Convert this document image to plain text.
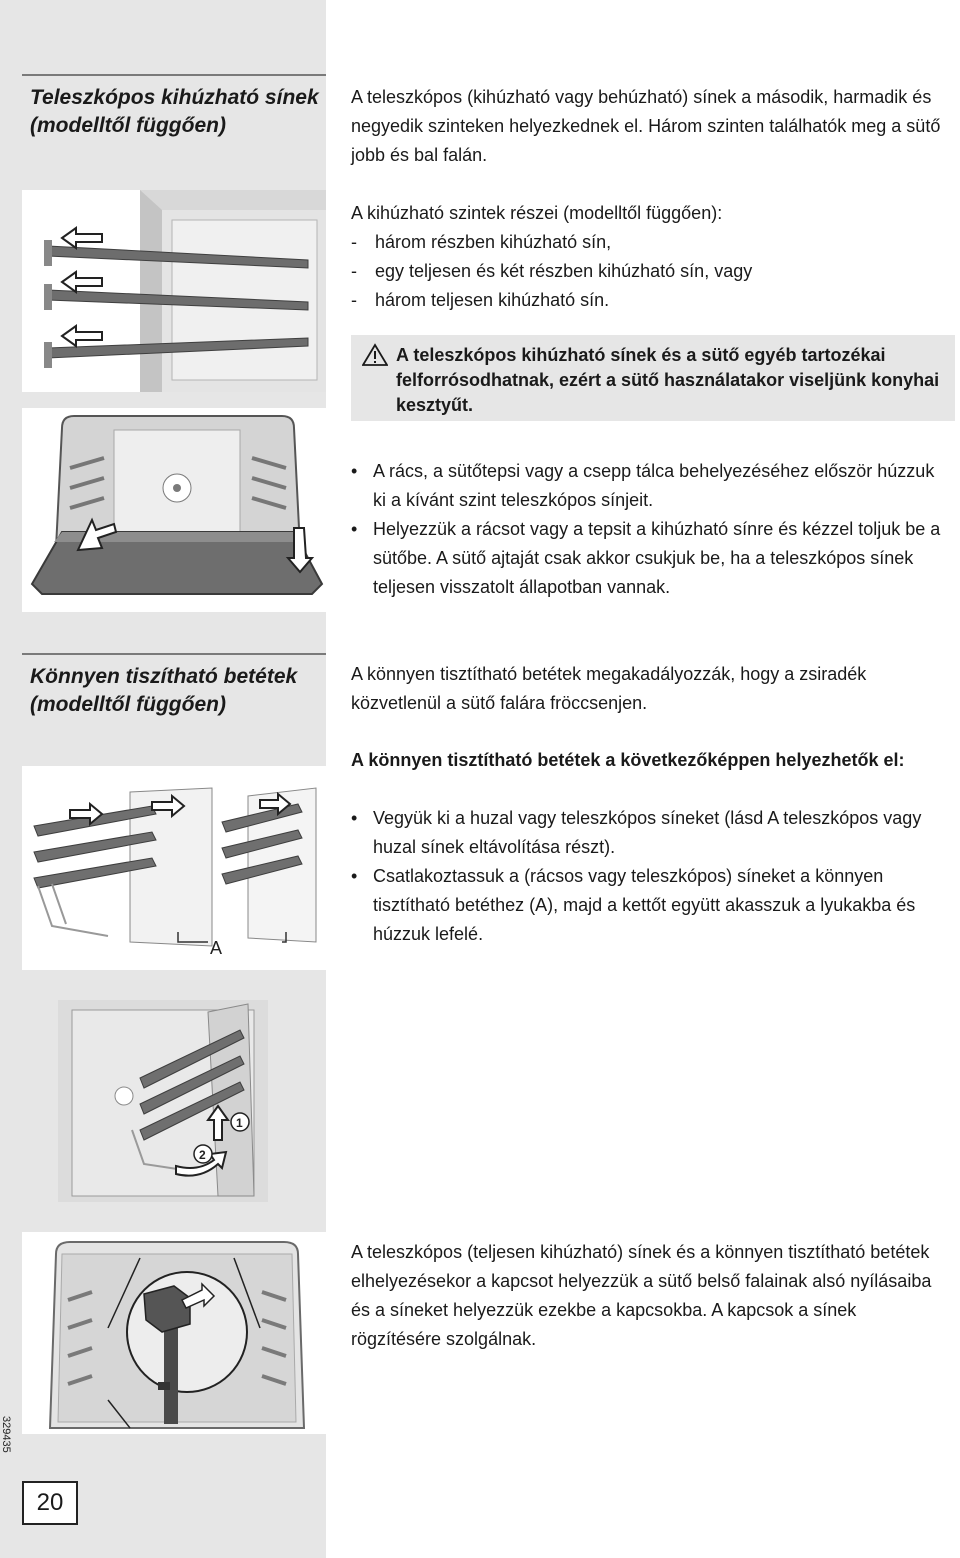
Teleszkópos kihúzható sínek (modelltől függően)

A teleszkópos (kihúzható vagy behúzható) sínek a második, harmadik és negyedik szinteken helyezkednek el. Három szinten találhatók meg a sütő jobb és bal falán.

A kihúzható szintek részei (modelltől függően):

-	három részben kihúzható sín,
-	egy teljesen és két részben kihúzható sín, vagy
-	három teljesen kihúzható sín.
A teleszkópos kihúzható sínek és a sütő egyéb tartozékai felforrósodhatnak, ezért a sütő használatakor viseljünk konyhai kesztyűt.
• A rács, a sütőtepsi vagy a csepp tálca behelyezéséhez először húzzuk ki a kívánt szint teleszkópos sínjeit.
• Helyezzük a rácsot vagy a tepsit a kihúzható sínre és kézzel toljuk be a sütőbe. A sütő ajtaját csak akkor csukjuk be, ha a teleszkópos sínek teljesen visszatolt állapotban vannak.
Könnyen tiszítható betétek (modelltől függően)
A
1
2

A könnyen tisztítható betétek megakadályozzák, hogy a zsiradék közvetlenül a sütő falára fröccsenjen.

A könnyen tisztítható betétek a következőképpen helyezhetők el:

• Vegyük ki a huzal vagy teleszkópos síneket (lásd A teleszkópos vagy huzal sínek eltávolítása részt).
• Csatlakoztassuk a (rácsos vagy teleszkópos) síneket a könnyen tisztítható betéthez (A), majd a kettőt együtt akasszuk a lyukakba és húzzuk lefelé.

A teleszkópos (teljesen kihúzható) sínek és a könnyen tisztítható betétek elhelyezésekor a kapcsot helyezzük a sütő belső falainak alsó nyílásaiba és a síneket helyezzük ezekbe a kapcsokba. A kapcsok a sínek rögzítésére szolgálnak.

329435
20
